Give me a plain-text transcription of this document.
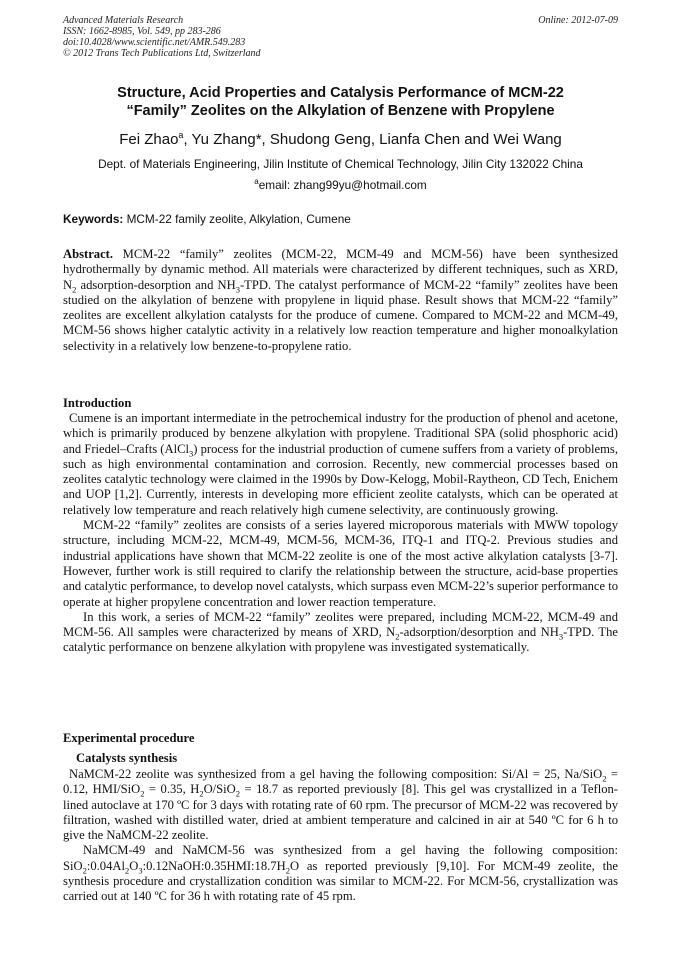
Advanced Materials Research
ISSN: 1662-8985, Vol. 549, pp 283-286
doi:10.4028/www.scientific.net/AMR.549.283
© 2012 Trans Tech Publications Ltd, Switzerland
Online: 2012-07-09
Structure, Acid Properties and Catalysis Performance of MCM-22
“Family” Zeolites on the Alkylation of Benzene with Propylene
Fei Zhao$^a$, Yu Zhang*, Shudong Geng, Lianfa Chen and Wei Wang
Dept. of Materials Engineering, Jilin Institute of Chemical Technology, Jilin City 132022 China
$^a$email: zhang99yu@hotmail.com
Keywords: MCM-22 family zeolite, Alkylation, Cumene
Abstract. MCM-22 “family” zeolites (MCM-22, MCM-49 and MCM-56) have been synthesized hydrothermally by dynamic method. All materials were characterized by different techniques, such as XRD, $N_2$ adsorption-desorption and $NH_3$-TPD. The catalyst performance of MCM-22 “family” zeolites have been studied on the alkylation of benzene with propylene in liquid phase. Result shows that MCM-22 “family” zeolites are excellent alkylation catalysts for the produce of cumene. Compared to MCM-22 and MCM-49, MCM-56 shows higher catalytic activity in a relatively low reaction temperature and higher monoalkylation selectivity in a relatively low benzene-to-propylene ratio.
Introduction

Cumene is an important intermediate in the petrochemical industry for the production of phenol and acetone, which is primarily produced by benzene alkylation with propylene. Traditional SPA (solid phosphoric acid) and Friedel–Crafts (AlCl$_3$) process for the industrial production of cumene suffers from a variety of problems, such as high environmental contamination and corrosion. Recently, new commercial processes based on zeolites catalytic technology were claimed in the 1990s by Dow-Kelogg, Mobil-Raytheon, CD Tech, Enichem and UOP [1,2]. Currently, interests in developing more efficient zeolite catalysts, which can be operated at relatively low temperature and reach relatively high cumene selectivity, are continuously growing.

MCM-22 “family” zeolites are consists of a series layered microporous materials with MWW topology structure, including MCM-22, MCM-49, MCM-56, MCM-36, ITQ-1 and ITQ-2. Previous studies and industrial applications have shown that MCM-22 zeolite is one of the most active alkylation catalysts [3-7]. However, further work is still required to clarify the relationship between the structure, acid-base properties and catalytic performance, to develop novel catalysts, which surpass even MCM-22’s superior performance to operate at higher propylene concentration and lower reaction temperature.

In this work, a series of MCM-22 “family” zeolites were prepared, including MCM-22, MCM-49 and MCM-56. All samples were characterized by means of XRD, $N_2-adsorption$/desorption and $NH_3$-TPD. The catalytic performance on benzene alkylation with propylene was investigated systematically.

Experimental procedure
Catalysts synthesis

NaMCM-22 zeolite was synthesized from a gel having the following composition: Si/Al = 25, Na/SiO$_2$ = 0.12, HMI/SiO$_2$ = 0.35, $H_2O/SiO_2 = 18.7$ as reported previously [8]. This gel was crystallized in a Teflon-lined autoclave at 170 ºC for 3 days with rotating rate of 60 rpm. The precursor of MCM-22 was recovered by filtration, washed with distilled water, dried at ambient temperature and calcined in air at 540 ºC for 6 h to give the NaMCM-22 zeolite.

NaMCM-49 and NaMCM-56 was synthesized from a gel having the following composition: $SiO_2:0.04Al_2O_3:0.12NaOH:0.35HMI:18.7H_2O$ as reported previously [9,10]. For MCM-49 zeolite, the synthesis procedure and crystallization condition was similar to MCM-22. For MCM-56, crystallization was carried out at 140 ºC for 36 h with rotating rate of 45 rpm.
